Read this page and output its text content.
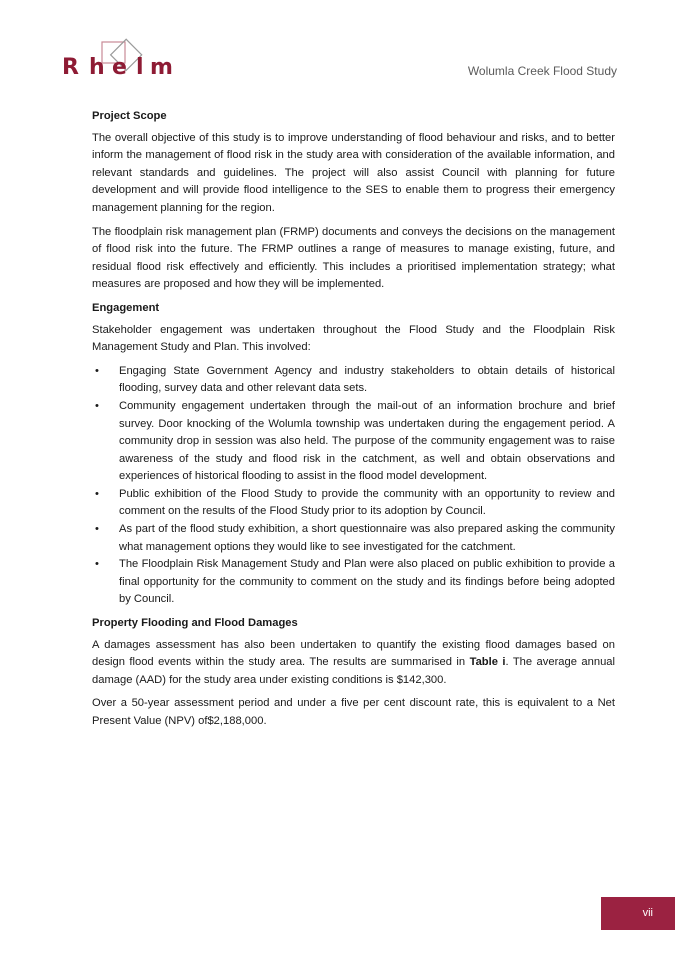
R h e l m	Wolumla Creek Flood Study
Project Scope

The overall objective of this study is to improve understanding of flood behaviour and risks, and to better inform the management of flood risk in the study area with consideration of the available information, and relevant standards and guidelines. The project will also assist Council with planning for future development and will provide flood intelligence to the SES to enable them to progress their emergency management planning for the region.

The floodplain risk management plan (FRMP) documents and conveys the decisions on the management of flood risk into the future. The FRMP outlines a range of measures to manage existing, future, and residual flood risk effectively and efficiently. This includes a prioritised implementation strategy; what measures are proposed and how they will be implemented.

Engagement

Stakeholder engagement was undertaken throughout the Flood Study and the Floodplain Risk Management Study and Plan. This involved:

• Engaging State Government Agency and industry stakeholders to obtain details of historical flooding, survey data and other relevant data sets.
• Community engagement undertaken through the mail-out of an information brochure and brief survey. Door knocking of the Wolumla township was undertaken during the engagement period. A community drop in session was also held. The purpose of the community engagement was to raise awareness of the study and flood risk in the catchment, as well and obtain observations and experiences of historical flooding to assist in the flood model development.
• Public exhibition of the Flood Study to provide the community with an opportunity to review and comment on the results of the Flood Study prior to its adoption by Council.
• As part of the flood study exhibition, a short questionnaire was also prepared asking the community what management options they would like to see investigated for the catchment.
• The Floodplain Risk Management Study and Plan were also placed on public exhibition to provide a final opportunity for the community to comment on the study and its findings before being adopted by Council.
Property Flooding and Flood Damages

A damages assessment has also been undertaken to quantify the existing flood damages based on design flood events within the study area. The results are summarised in Table i. The average annual damage (AAD) for the study area under existing conditions is $142,300.

Over a 50-year assessment period and under a five per cent discount rate, this is equivalent to a Net Present Value (NPV) of$2,188,000.

vii
